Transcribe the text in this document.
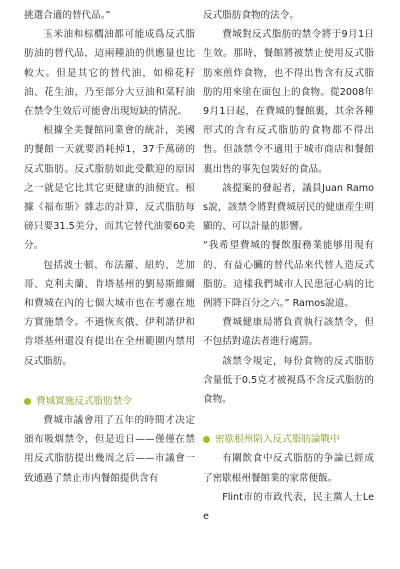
挑選合適的替代品。”

玉米油和棕櫚油都可能成爲反式脂肪油的替代品，這兩種油的供應量也比較大。但是其它的替代油，如棉花籽油、花生油，乃至部分大豆油和菜籽油在禁令生效后可能會出現短缺的情況。

根據全美餐館同業會的統計，美國的餐館一天就要消耗掉1，37千萬磅的反式脂肪。反式脂肪如此受歡迎的原因之一就是它比其它更健康的油便宜。根據《福布斯》雜志的計算，反式脂肪每磅只要31.5美分，而其它替代油要60美分。

包括波士頓、布法羅、紐約、芝加哥、克利夫蘭、肯塔基州的劉易斯維爾和費城在內的七個大城市也在考慮在地方實施禁令。不過恢亥俄、伊利諾伊和肯塔基州還沒有提出在全州範圍内禁用反式脂肪。

費城實施反式脂肪禁令

費城市議會用了五年的時間才决定頒布吸烟禁令，但是近日——僅僅在禁用反式脂肪提出幾周之后——市議會一致通過了禁止市内餐館提供含有

反式脂肪食物的法令。

費城對反式脂肪的禁令將于9月1日生效。那時，餐館將被禁止使用反式脂肪來煎炸食物，也不得出售含有反式脂肪的用來塗在面包上的食物。從2008年9月1日起，在費城的餐館裏，其余各種形式的含有反式脂肪的食物都不得出售。但該禁令不適用于城市商店和餐館裏出售的事先包裝好的食品。

該提案的發起者，議員Juan Ramos說，該禁令將對費城居民的健康産生明顯的、可以計量的影響。

“我希望費城的餐飲服務業能够用現有的、有益心臟的替代品來代替人造反式脂肪。這樣我們城市人民患冠心病的比例將下降百分之六。” Ramos說道。

費城健康局將負責執行該禁令，但不包括對違法者進行處罰。

該禁令規定，每份食物的反式脂肪含量低于0.5克才被視爲不含反式脂肪的食物。

密歇根州陷入反式脂肪論戰中

有關飲食中反式脂肪的争論已經成了密歇根州餐館業的家常便飯。

Flint市的市政代表，民主黨人士Lee
